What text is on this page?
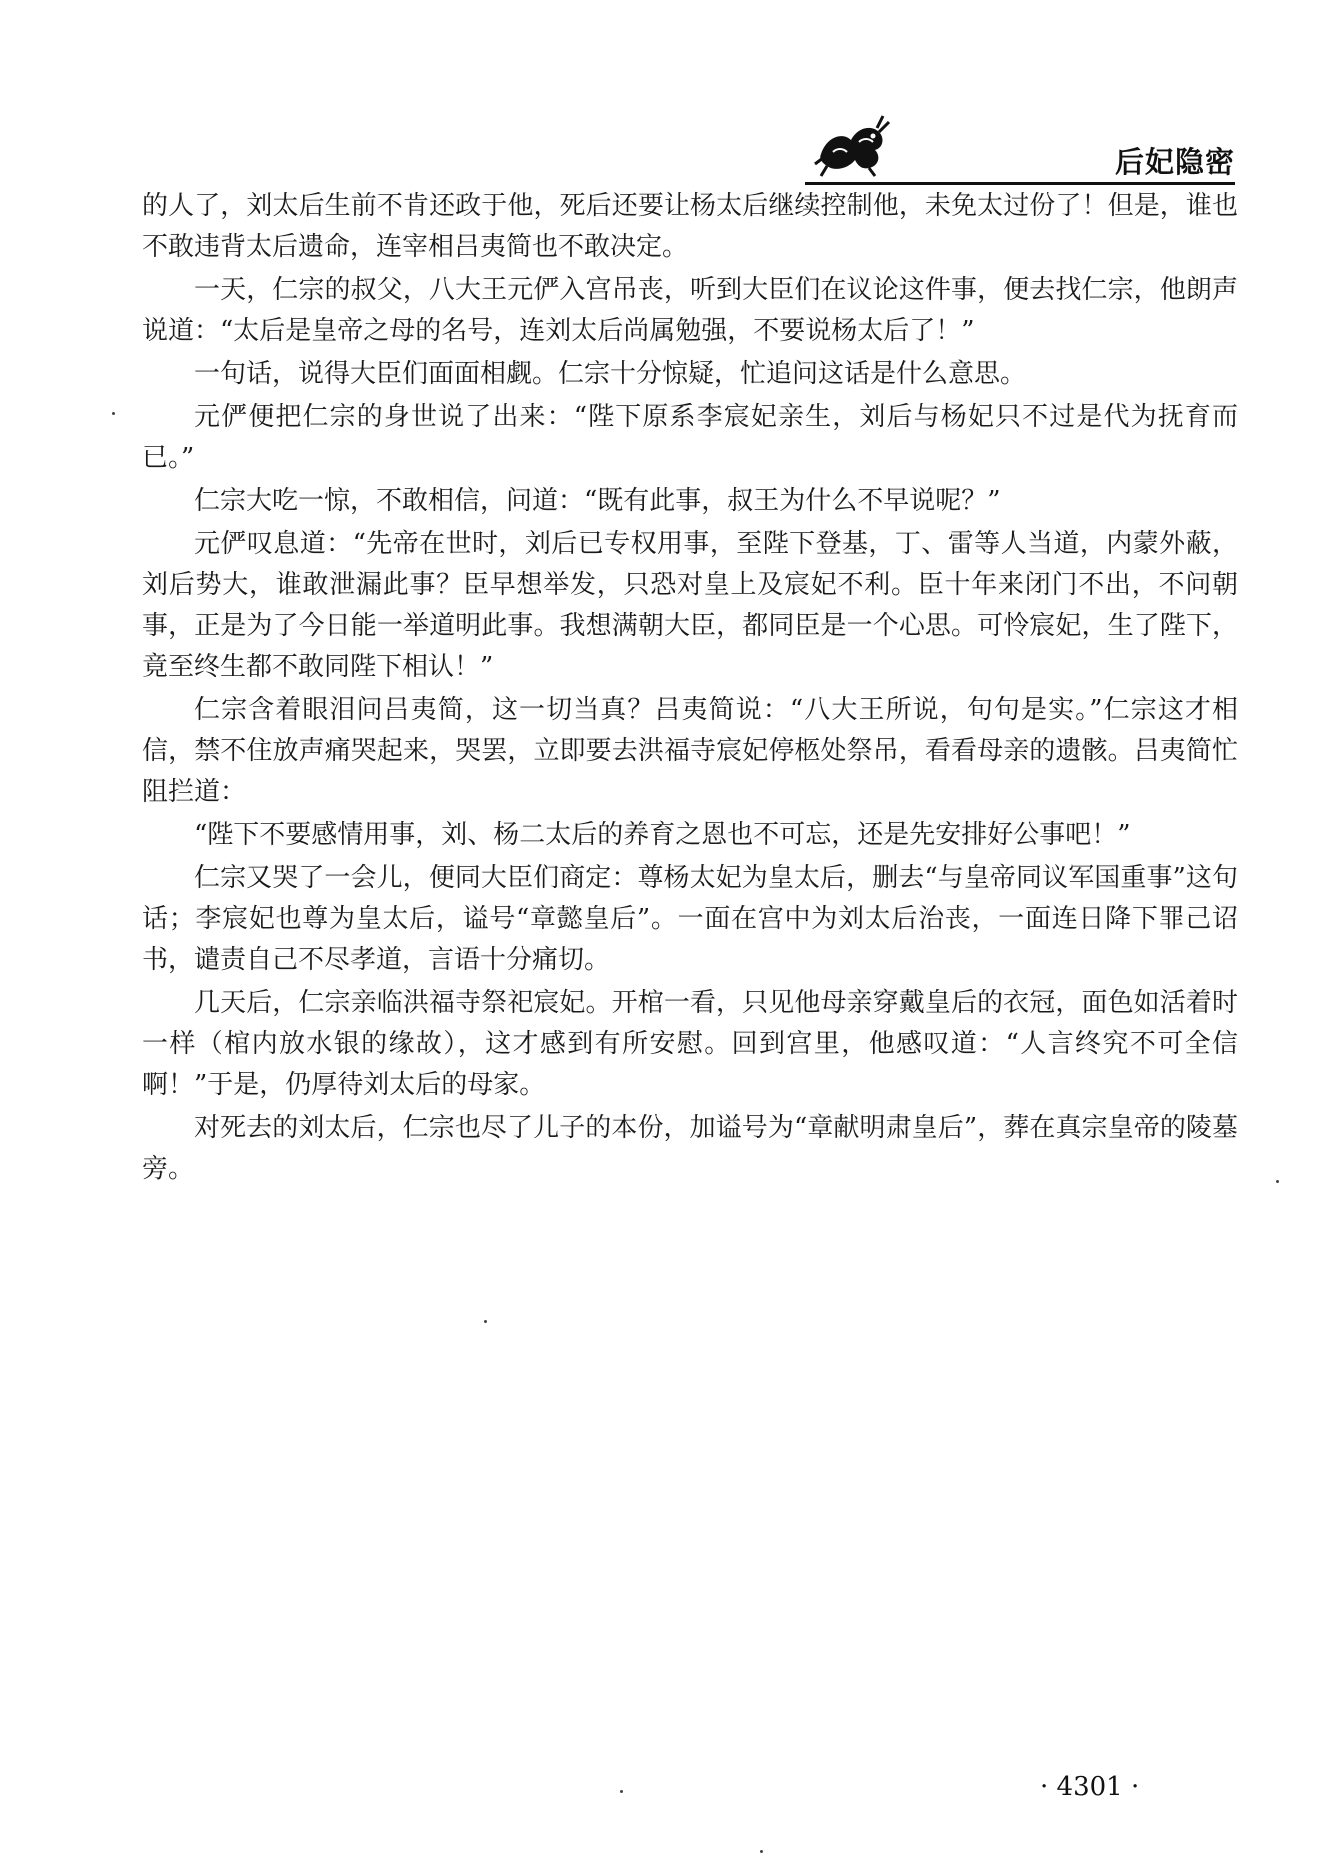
后妃隐密

的人了，刘太后生前不肯还政于他，死后还要让杨太后继续控制他，未免太过份了！但是，谁也不敢违背太后遗命，连宰相吕夷简也不敢决定。

一天，仁宗的叔父，八大王元俨入宫吊丧，听到大臣们在议论这件事，便去找仁宗，他朗声说道：“太后是皇帝之母的名号，连刘太后尚属勉强，不要说杨太后了！”

一句话，说得大臣们面面相觑。仁宗十分惊疑，忙追问这话是什么意思。

元俨便把仁宗的身世说了出来：“陛下原系李宸妃亲生，刘后与杨妃只不过是代为抚育而已。”

仁宗大吃一惊，不敢相信，问道：“既有此事，叔王为什么不早说呢？”

元俨叹息道：“先帝在世时，刘后已专权用事，至陛下登基，丁、雷等人当道，内蒙外蔽，刘后势大，谁敢泄漏此事？臣早想举发，只恐对皇上及宸妃不利。臣十年来闭门不出，不问朝事，正是为了今日能一举道明此事。我想满朝大臣，都同臣是一个心思。可怜宸妃，生了陛下，竟至终生都不敢同陛下相认！”

仁宗含着眼泪问吕夷简，这一切当真？吕夷简说：“八大王所说，句句是实。”仁宗这才相信，禁不住放声痛哭起来，哭罢，立即要去洪福寺宸妃停柩处祭吊，看看母亲的遗骸。吕夷简忙阻拦道：

“陛下不要感情用事，刘、杨二太后的养育之恩也不可忘，还是先安排好公事吧！”

仁宗又哭了一会儿，便同大臣们商定：尊杨太妃为皇太后，删去“与皇帝同议军国重事”这句话；李宸妃也尊为皇太后，谥号“章懿皇后”。一面在宫中为刘太后治丧，一面连日降下罪己诏书，谴责自己不尽孝道，言语十分痛切。

几天后，仁宗亲临洪福寺祭祀宸妃。开棺一看，只见他母亲穿戴皇后的衣冠，面色如活着时一样（棺内放水银的缘故），这才感到有所安慰。回到宫里，他感叹道：“人言终究不可全信啊！”于是，仍厚待刘太后的母家。

对死去的刘太后，仁宗也尽了儿子的本份，加谥号为“章献明肃皇后”，葬在真宗皇帝的陵墓旁。

· 4301 ·
